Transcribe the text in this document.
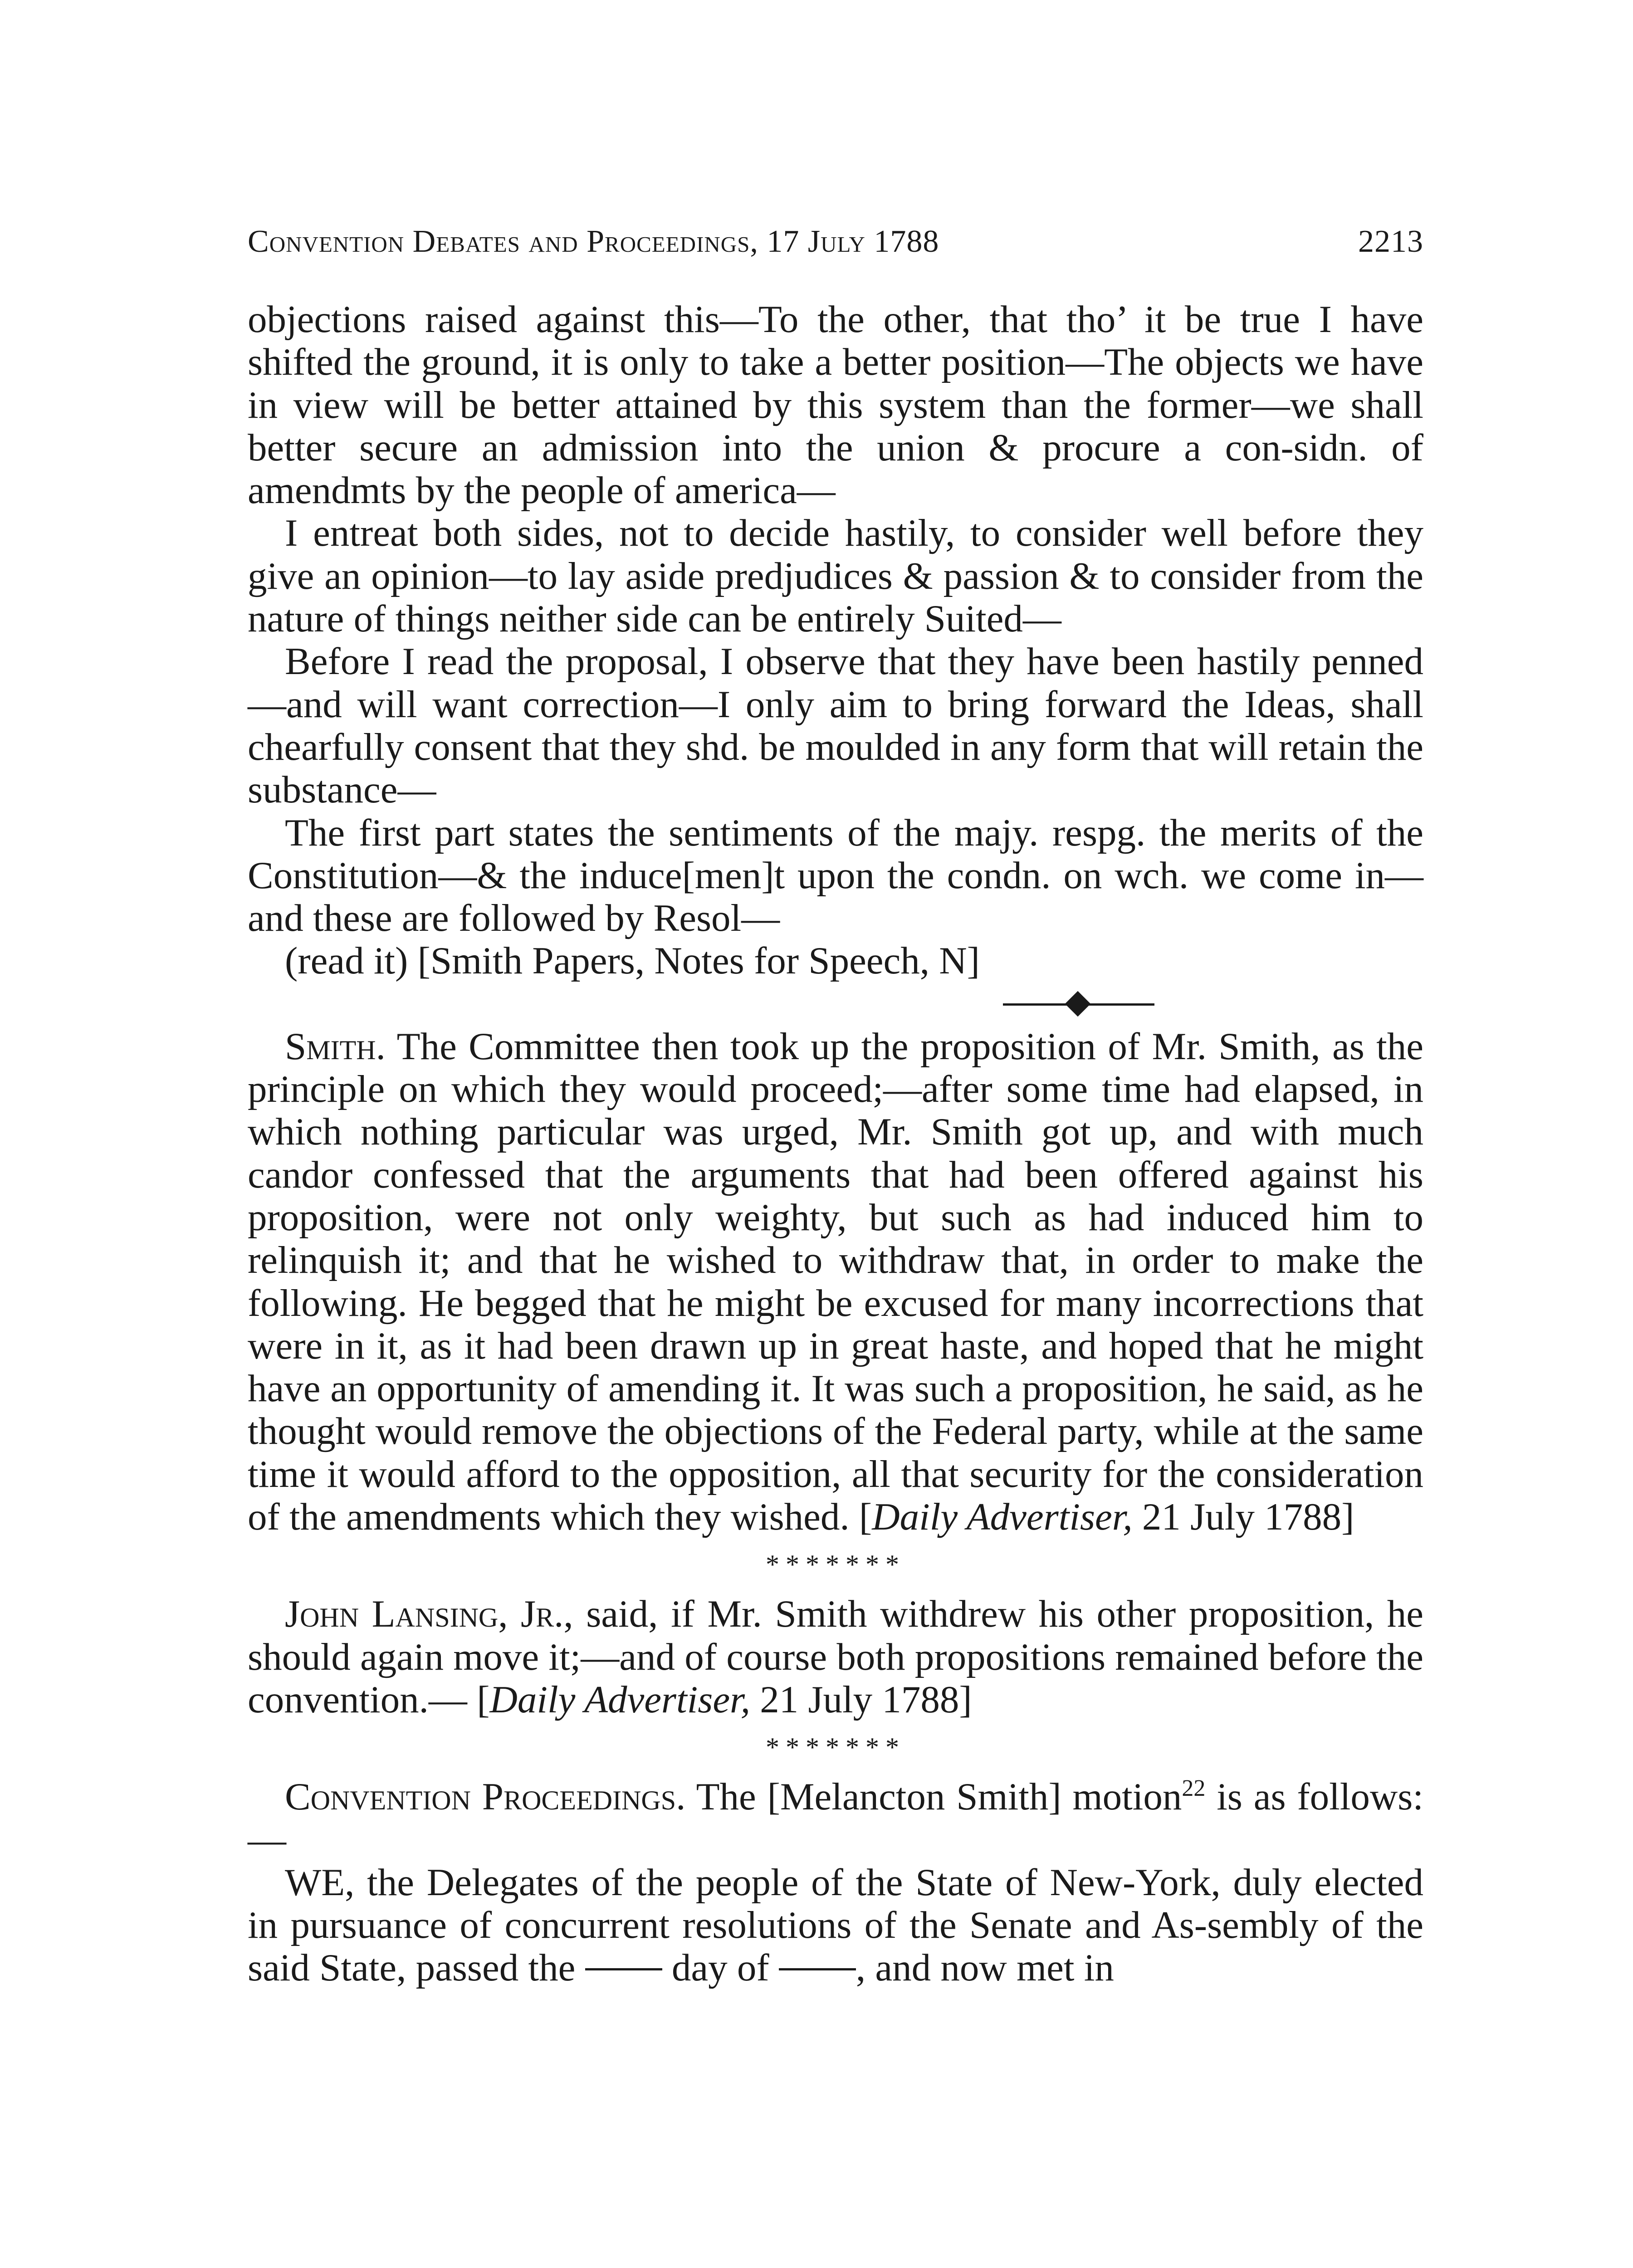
Convention Debates and Proceedings, 17 July 1788	2213

objections raised against this—To the other, that tho’ it be true I have shifted the ground, it is only to take a better position—The objects we have in view will be better attained by this system than the former—we shall better secure an admission into the union & procure a con-sidn. of amendmts by the people of america—

I entreat both sides, not to decide hastily, to consider well before they give an opinion—to lay aside predjudices & passion & to consider from the nature of things neither side can be entirely Suited—

Before I read the proposal, I observe that they have been hastily penned—and will want correction—I only aim to bring forward the Ideas, shall chearfully consent that they shd. be moulded in any form that will retain the substance—

The first part states the sentiments of the majy. respg. the merits of the Constitution—& the induce[men]t upon the condn. on wch. we come in—and these are followed by Resol—

(read it) [Smith Papers, Notes for Speech, N]

Smith. The Committee then took up the proposition of Mr. Smith, as the principle on which they would proceed;—after some time had elapsed, in which nothing particular was urged, Mr. Smith got up, and with much candor confessed that the arguments that had been offered against his proposition, were not only weighty, but such as had induced him to relinquish it; and that he wished to withdraw that, in order to make the following. He begged that he might be excused for many incorrections that were in it, as it had been drawn up in great haste, and hoped that he might have an opportunity of amending it. It was such a proposition, he said, as he thought would remove the objections of the Federal party, while at the same time it would afford to the opposition, all that security for the consideration of the amendments which they wished. [Daily Advertiser, 21 July 1788]

*******

John Lansing, Jr., said, if Mr. Smith withdrew his other proposition, he should again move it;—and of course both propositions remained before the convention.— [Daily Advertiser, 21 July 1788]

*******

Convention Proceedings. The [Melancton Smith] motion$^{22}$ is as follows:—

WE, the Delegates of the people of the State of New-York, duly elected in pursuance of concurrent resolutions of the Senate and As-sembly of the said State, passed the	day of , and now met in
